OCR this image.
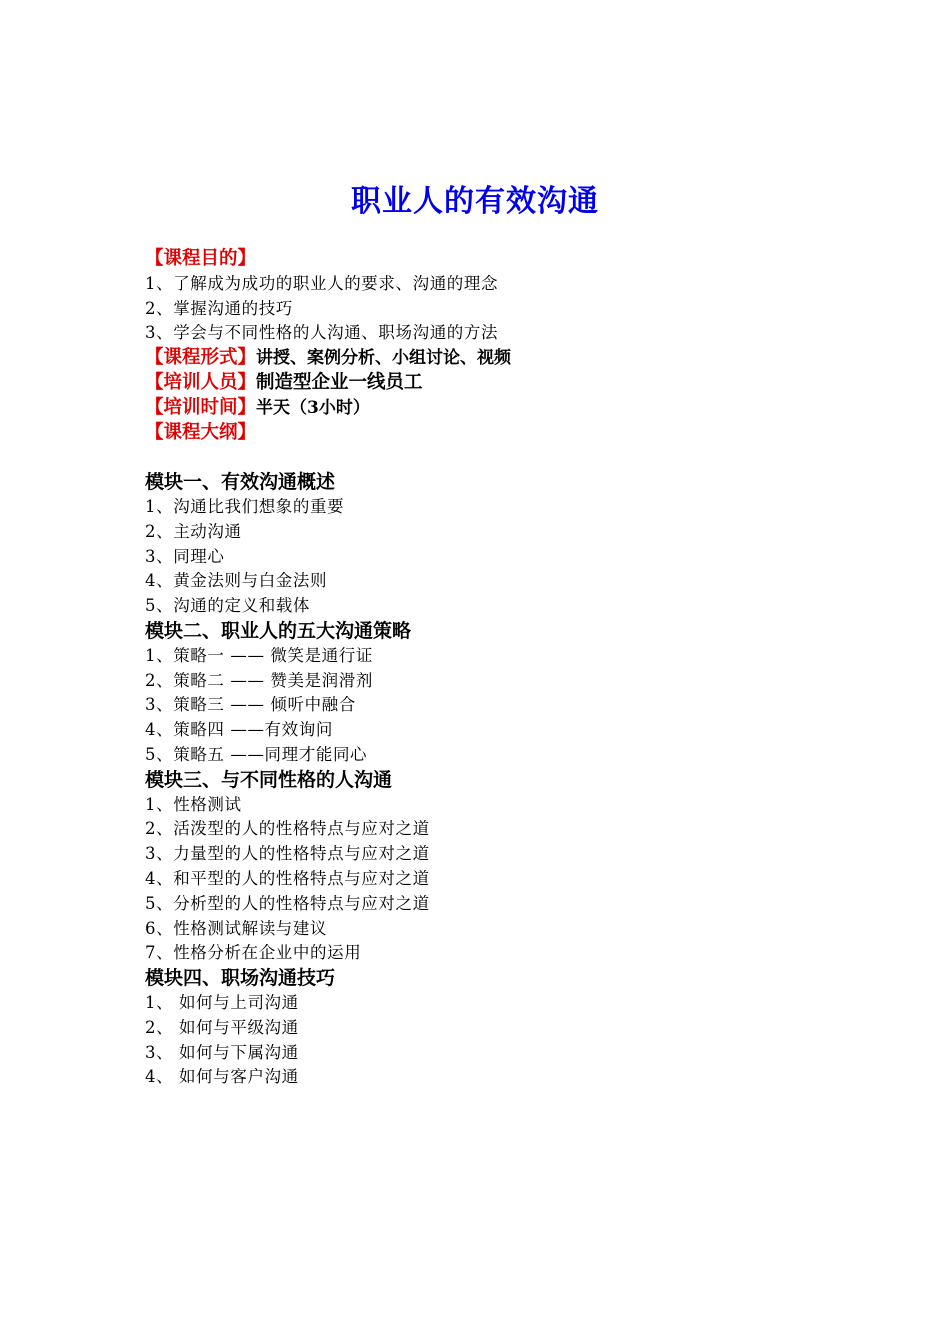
职业人的有效沟通
【课程目的】
1、了解成为成功的职业人的要求、沟通的理念
2、掌握沟通的技巧
3、学会与不同性格的人沟通、职场沟通的方法
【课程形式】讲授、案例分析、小组讨论、视频
【培训人员】制造型企业一线员工
【培训时间】半天（3小时）
【课程大纲】
模块一、有效沟通概述
1、沟通比我们想象的重要
2、主动沟通
3、同理心
4、黄金法则与白金法则
5、沟通的定义和载体
模块二、职业人的五大沟通策略
1、策略一 —— 微笑是通行证
2、策略二 —— 赞美是润滑剂
3、策略三 —— 倾听中融合
4、策略四 ——有效询问
5、策略五 ——同理才能同心
模块三、与不同性格的人沟通
1、性格测试
2、活泼型的人的性格特点与应对之道
3、力量型的人的性格特点与应对之道
4、和平型的人的性格特点与应对之道
5、分析型的人的性格特点与应对之道
6、性格测试解读与建议
7、性格分析在企业中的运用
模块四、职场沟通技巧
1、 如何与上司沟通
2、 如何与平级沟通
3、 如何与下属沟通
4、 如何与客户沟通
